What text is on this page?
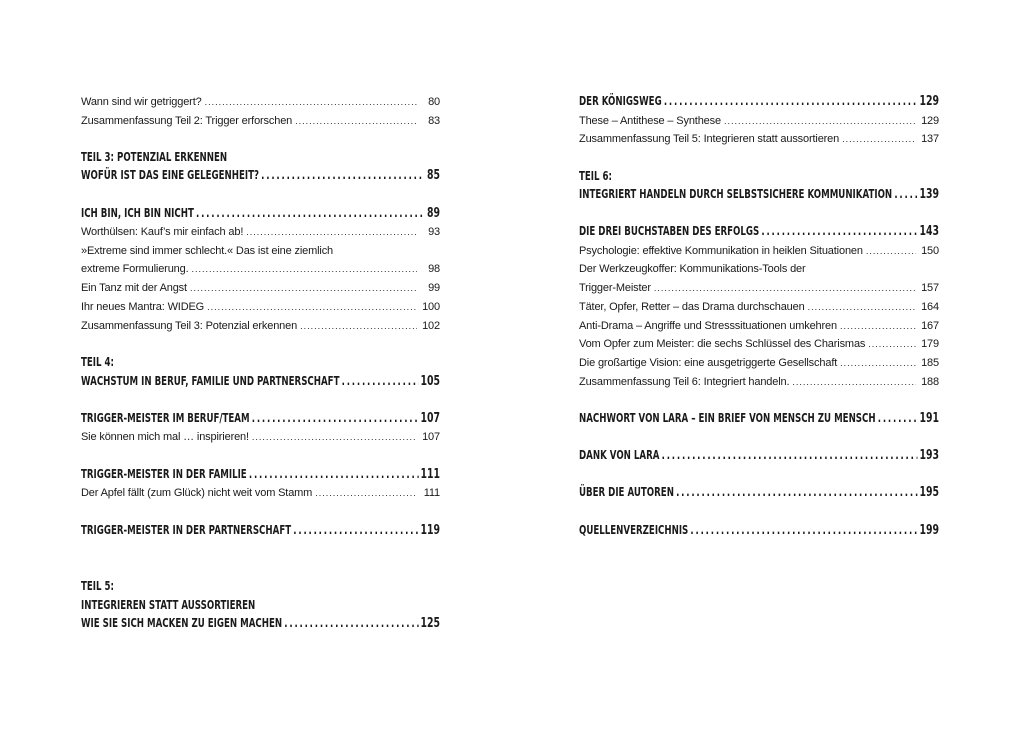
Wann sind wir getriggert? .....	80
Zusammenfassung Teil 2: Trigger erforschen .....	83
TEIL 3: POTENZIAL ERKENNEN
WOFÜR IST DAS EINE GELEGENHEIT? .....	85
ICH BIN, ICH BIN NICHT .....	89
Worthülsen: Kauf’s mir einfach ab! .....	93
»Extreme sind immer schlecht.« Das ist eine ziemlich
extreme Formulierung. .....	98
Ein Tanz mit der Angst .....	99
Ihr neues Mantra: WIDEG .....	100
Zusammenfassung Teil 3: Potenzial erkennen .....	102
TEIL 4:
WACHSTUM IN BERUF, FAMILIE UND PARTNERSCHAFT .....	105
TRIGGER-MEISTER IM BERUF/TEAM .....	107
Sie können mich mal … inspirieren! .....	107
TRIGGER-MEISTER IN DER FAMILIE .....	111
Der Apfel fällt (zum Glück) nicht weit vom Stamm .....	111
TRIGGER-MEISTER IN DER PARTNERSCHAFT .....	119
TEIL 5:
INTEGRIEREN STATT AUSSORTIEREN
WIE SIE SICH MACKEN ZU EIGEN MACHEN .....	125
DER KÖNIGSWEG .....	129
These – Antithese – Synthese .....	129
Zusammenfassung Teil 5: Integrieren statt aussortieren .....	137
TEIL 6:
INTEGRIERT HANDELN DURCH SELBSTSICHERE KOMMUNIKATION ..... 139
DIE DREI BUCHSTABEN DES ERFOLGS .....	143
Psychologie: effektive Kommunikation in heiklen Situationen .....	150
Der Werkzeugkoffer: Kommunikations-Tools der
Trigger-Meister .....	157
Täter, Opfer, Retter – das Drama durchschauen .....	164
Anti-Drama – Angriffe und Stresssituationen umkehren .....	167
Vom Opfer zum Meister: die sechs Schlüssel des Charismas .....	179
Die großartige Vision: eine ausgetriggerte Gesellschaft .....	185
Zusammenfassung Teil 6: Integriert handeln. .....	188
NACHWORT VON LARA – EIN BRIEF VON MENSCH ZU MENSCH .....	191
DANK VON LARA .....	193
ÜBER DIE AUTOREN .....	195
QUELLENVERZEICHNIS .....	199
